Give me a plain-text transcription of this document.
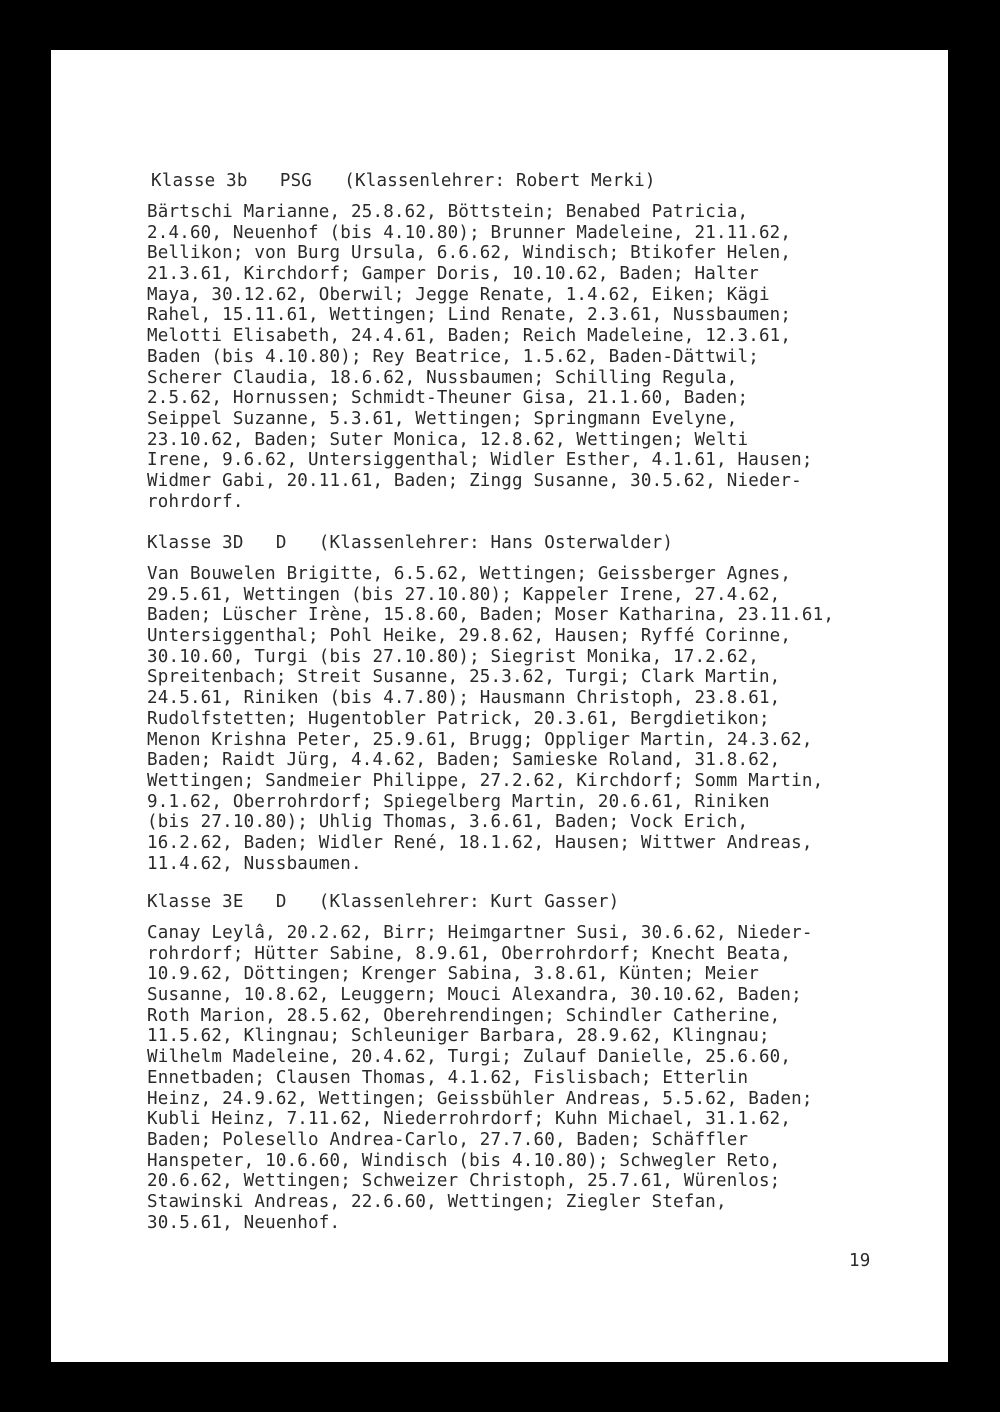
Klasse 3b   PSG   (Klassenlehrer: Robert Merki)
Bärtschi Marianne, 25.8.62, Böttstein; Benabed Patricia,
2.4.60, Neuenhof (bis 4.10.80); Brunner Madeleine, 21.11.62,
Bellikon; von Burg Ursula, 6.6.62, Windisch; Btikofer Helen,
21.3.61, Kirchdorf; Gamper Doris, 10.10.62, Baden; Halter
Maya, 30.12.62, Oberwil; Jegge Renate, 1.4.62, Eiken; Kägi
Rahel, 15.11.61, Wettingen; Lind Renate, 2.3.61, Nussbaumen;
Melotti Elisabeth, 24.4.61, Baden; Reich Madeleine, 12.3.61,
Baden (bis 4.10.80); Rey Beatrice, 1.5.62, Baden-Dättwil;
Scherer Claudia, 18.6.62, Nussbaumen; Schilling Regula,
2.5.62, Hornussen; Schmidt-Theuner Gisa, 21.1.60, Baden;
Seippel Suzanne, 5.3.61, Wettingen; Springmann Evelyne,
23.10.62, Baden; Suter Monica, 12.8.62, Wettingen; Welti
Irene, 9.6.62, Untersiggenthal; Widler Esther, 4.1.61, Hausen;
Widmer Gabi, 20.11.61, Baden; Zingg Susanne, 30.5.62, Nieder-
rohrdorf.
Klasse 3D   D   (Klassenlehrer: Hans Osterwalder)
Van Bouwelen Brigitte, 6.5.62, Wettingen; Geissberger Agnes,
29.5.61, Wettingen (bis 27.10.80); Kappeler Irene, 27.4.62,
Baden; Lüscher Irène, 15.8.60, Baden; Moser Katharina, 23.11.61,
Untersiggenthal; Pohl Heike, 29.8.62, Hausen; Ryffé Corinne,
30.10.60, Turgi (bis 27.10.80); Siegrist Monika, 17.2.62,
Spreitenbach; Streit Susanne, 25.3.62, Turgi; Clark Martin,
24.5.61, Riniken (bis 4.7.80); Hausmann Christoph, 23.8.61,
Rudolfstetten; Hugentobler Patrick, 20.3.61, Bergdietikon;
Menon Krishna Peter, 25.9.61, Brugg; Oppliger Martin, 24.3.62,
Baden; Raidt Jürg, 4.4.62, Baden; Samieske Roland, 31.8.62,
Wettingen; Sandmeier Philippe, 27.2.62, Kirchdorf; Somm Martin,
9.1.62, Oberrohrdorf; Spiegelberg Martin, 20.6.61, Riniken
(bis 27.10.80); Uhlig Thomas, 3.6.61, Baden; Vock Erich,
16.2.62, Baden; Widler René, 18.1.62, Hausen; Wittwer Andreas,
11.4.62, Nussbaumen.
Klasse 3E   D   (Klassenlehrer: Kurt Gasser)
Canay Leylâ, 20.2.62, Birr; Heimgartner Susi, 30.6.62, Nieder-
rohrdorf; Hütter Sabine, 8.9.61, Oberrohrdorf; Knecht Beata,
10.9.62, Döttingen; Krenger Sabina, 3.8.61, Künten; Meier
Susanne, 10.8.62, Leuggern; Mouci Alexandra, 30.10.62, Baden;
Roth Marion, 28.5.62, Oberehrendingen; Schindler Catherine,
11.5.62, Klingnau; Schleuniger Barbara, 28.9.62, Klingnau;
Wilhelm Madeleine, 20.4.62, Turgi; Zulauf Danielle, 25.6.60,
Ennetbaden; Clausen Thomas, 4.1.62, Fislisbach; Etterlin
Heinz, 24.9.62, Wettingen; Geissbühler Andreas, 5.5.62, Baden;
Kubli Heinz, 7.11.62, Niederrohrdorf; Kuhn Michael, 31.1.62,
Baden; Polesello Andrea-Carlo, 27.7.60, Baden; Schäffler
Hanspeter, 10.6.60, Windisch (bis 4.10.80); Schwegler Reto,
20.6.62, Wettingen; Schweizer Christoph, 25.7.61, Würenlos;
Stawinski Andreas, 22.6.60, Wettingen; Ziegler Stefan,
30.5.61, Neuenhof.
19
